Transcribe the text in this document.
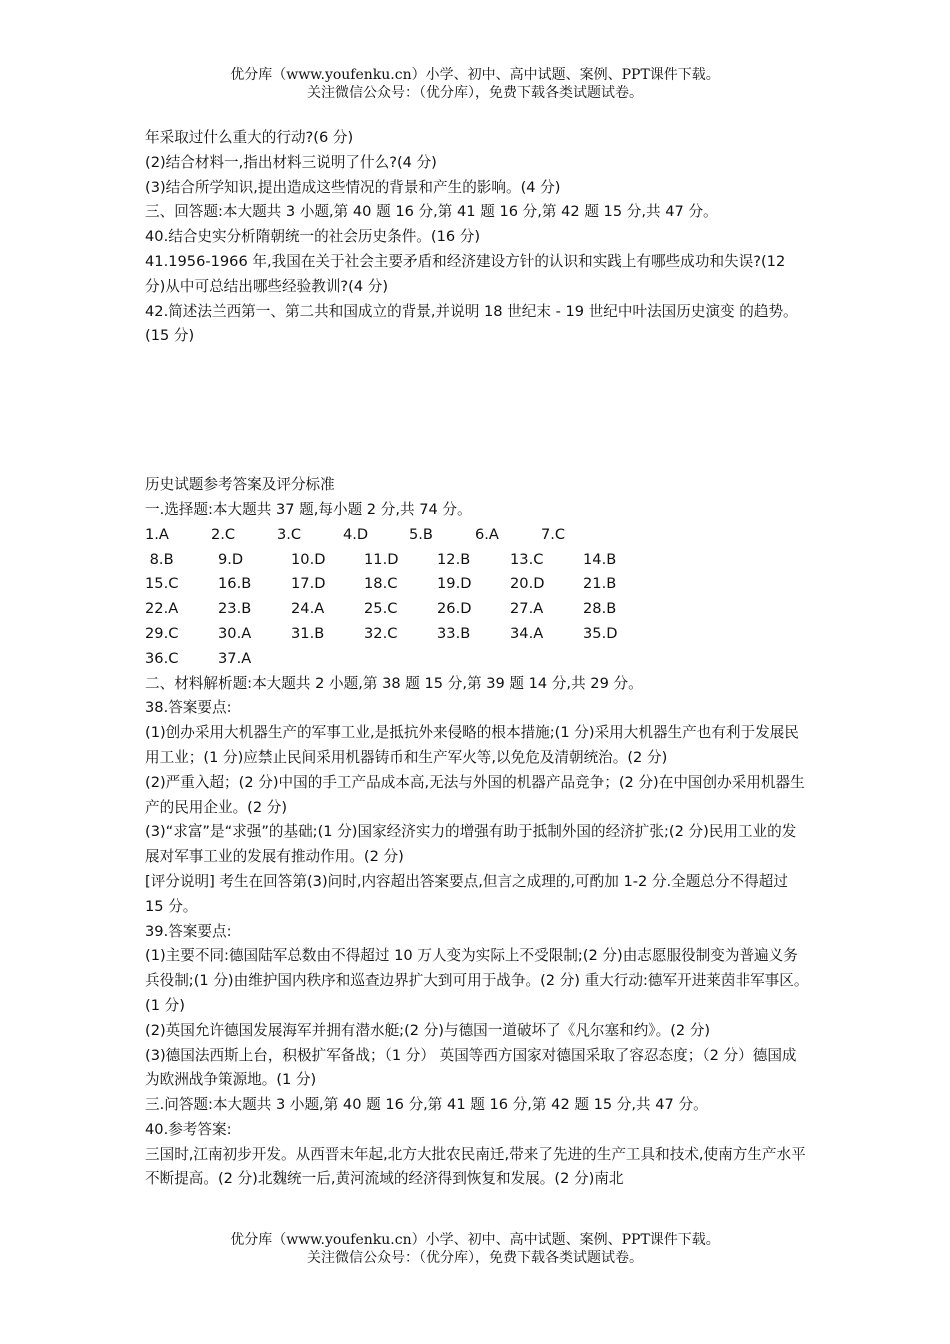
优分库（www.youfenku.cn）小学、初中、高中试题、案例、PPT课件下载。
关注微信公众号：（优分库），免费下载各类试题试卷。

年采取过什么重大的行动?(6 分)

(2)结合材料一,指出材料三说明了什么?(4 分)

(3)结合所学知识,提出造成这些情况的背景和产生的影响。(4 分)

三、回答题:本大题共 3 小题,第 40 题 16 分,第 41 题 16 分,第 42 题 15 分,共 47 分。

40.结合史实分析隋朝统一的社会历史条件。(16 分)

41.1956-1966 年,我国在关于社会主要矛盾和经济建设方针的认识和实践上有哪些成功和失误?(12 分)从中可总结出哪些经验教训?(4 分)

42.简述法兰西第一、第二共和国成立的背景,并说明 18 世纪末 - 19 世纪中叶法国历史演变 的趋势。(15 分)

历史试题参考答案及评分标准

一.选择题:本大题共 37 题,每小题 2 分,共 74 分。

1.A	2.C	3.C	4.D	5.B	6.A	7.C
8.B	9.D	10.D	11.D	12.B	13.C	14.B
15.C	16.B	17.D	18.C	19.D	20.D	21.B
22.A	23.B	24.A	25.C	26.D	27.A	28.B
29.C	30.A	31.B	32.C	33.B	34.A	35.D
36.C	37.A

二、材料解析题:本大题共 2 小题,第 38 题 15 分,第 39 题 14 分,共 29 分。

38.答案要点:

(1)创办采用大机器生产的军事工业,是抵抗外来侵略的根本措施;(1 分)采用大机器生产也有利于发展民用工业；(1 分)应禁止民间采用机器铸币和生产军火等,以免危及清朝统治。(2 分)

(2)严重入超；(2 分)中国的手工产品成本高,无法与外国的机器产品竞争；(2 分)在中国创办采用机器生产的民用企业。(2 分)

(3)“求富”是“求强”的基础;(1 分)国家经济实力的增强有助于抵制外国的经济扩张;(2 分)民用工业的发展对军事工业的发展有推动作用。(2 分)

[评分说明] 考生在回答第(3)问时,内容超出答案要点,但言之成理的,可酌加 1-2 分.全题总分不得超过 15 分。

39.答案要点:

(1)主要不同:德国陆军总数由不得超过 10 万人变为实际上不受限制;(2 分)由志愿服役制变为普遍义务兵役制;(1 分)由维护国内秩序和巡查边界扩大到可用于战争。(2 分) 重大行动:德军开进莱茵非军事区。(1 分)

(2)英国允许德国发展海军并拥有潜水艇;(2 分)与德国一道破坏了《凡尔塞和约》。(2 分)

(3)德国法西斯上台，积极扩军备战；（1 分） 英国等西方国家对德国采取了容忍态度；（2 分）德国成为欧洲战争策源地。(1 分)

三.问答题:本大题共 3 小题,第 40 题 16 分,第 41 题 16 分,第 42 题 15 分,共 47 分。

40.参考答案:

三国时,江南初步开发。从西晋末年起,北方大批农民南迁,带来了先进的生产工具和技术,使南方生产水平不断提高。(2 分)北魏统一后,黄河流域的经济得到恢复和发展。(2 分)南北

优分库（www.youfenku.cn）小学、初中、高中试题、案例、PPT课件下载。
关注微信公众号：（优分库），免费下载各类试题试卷。
